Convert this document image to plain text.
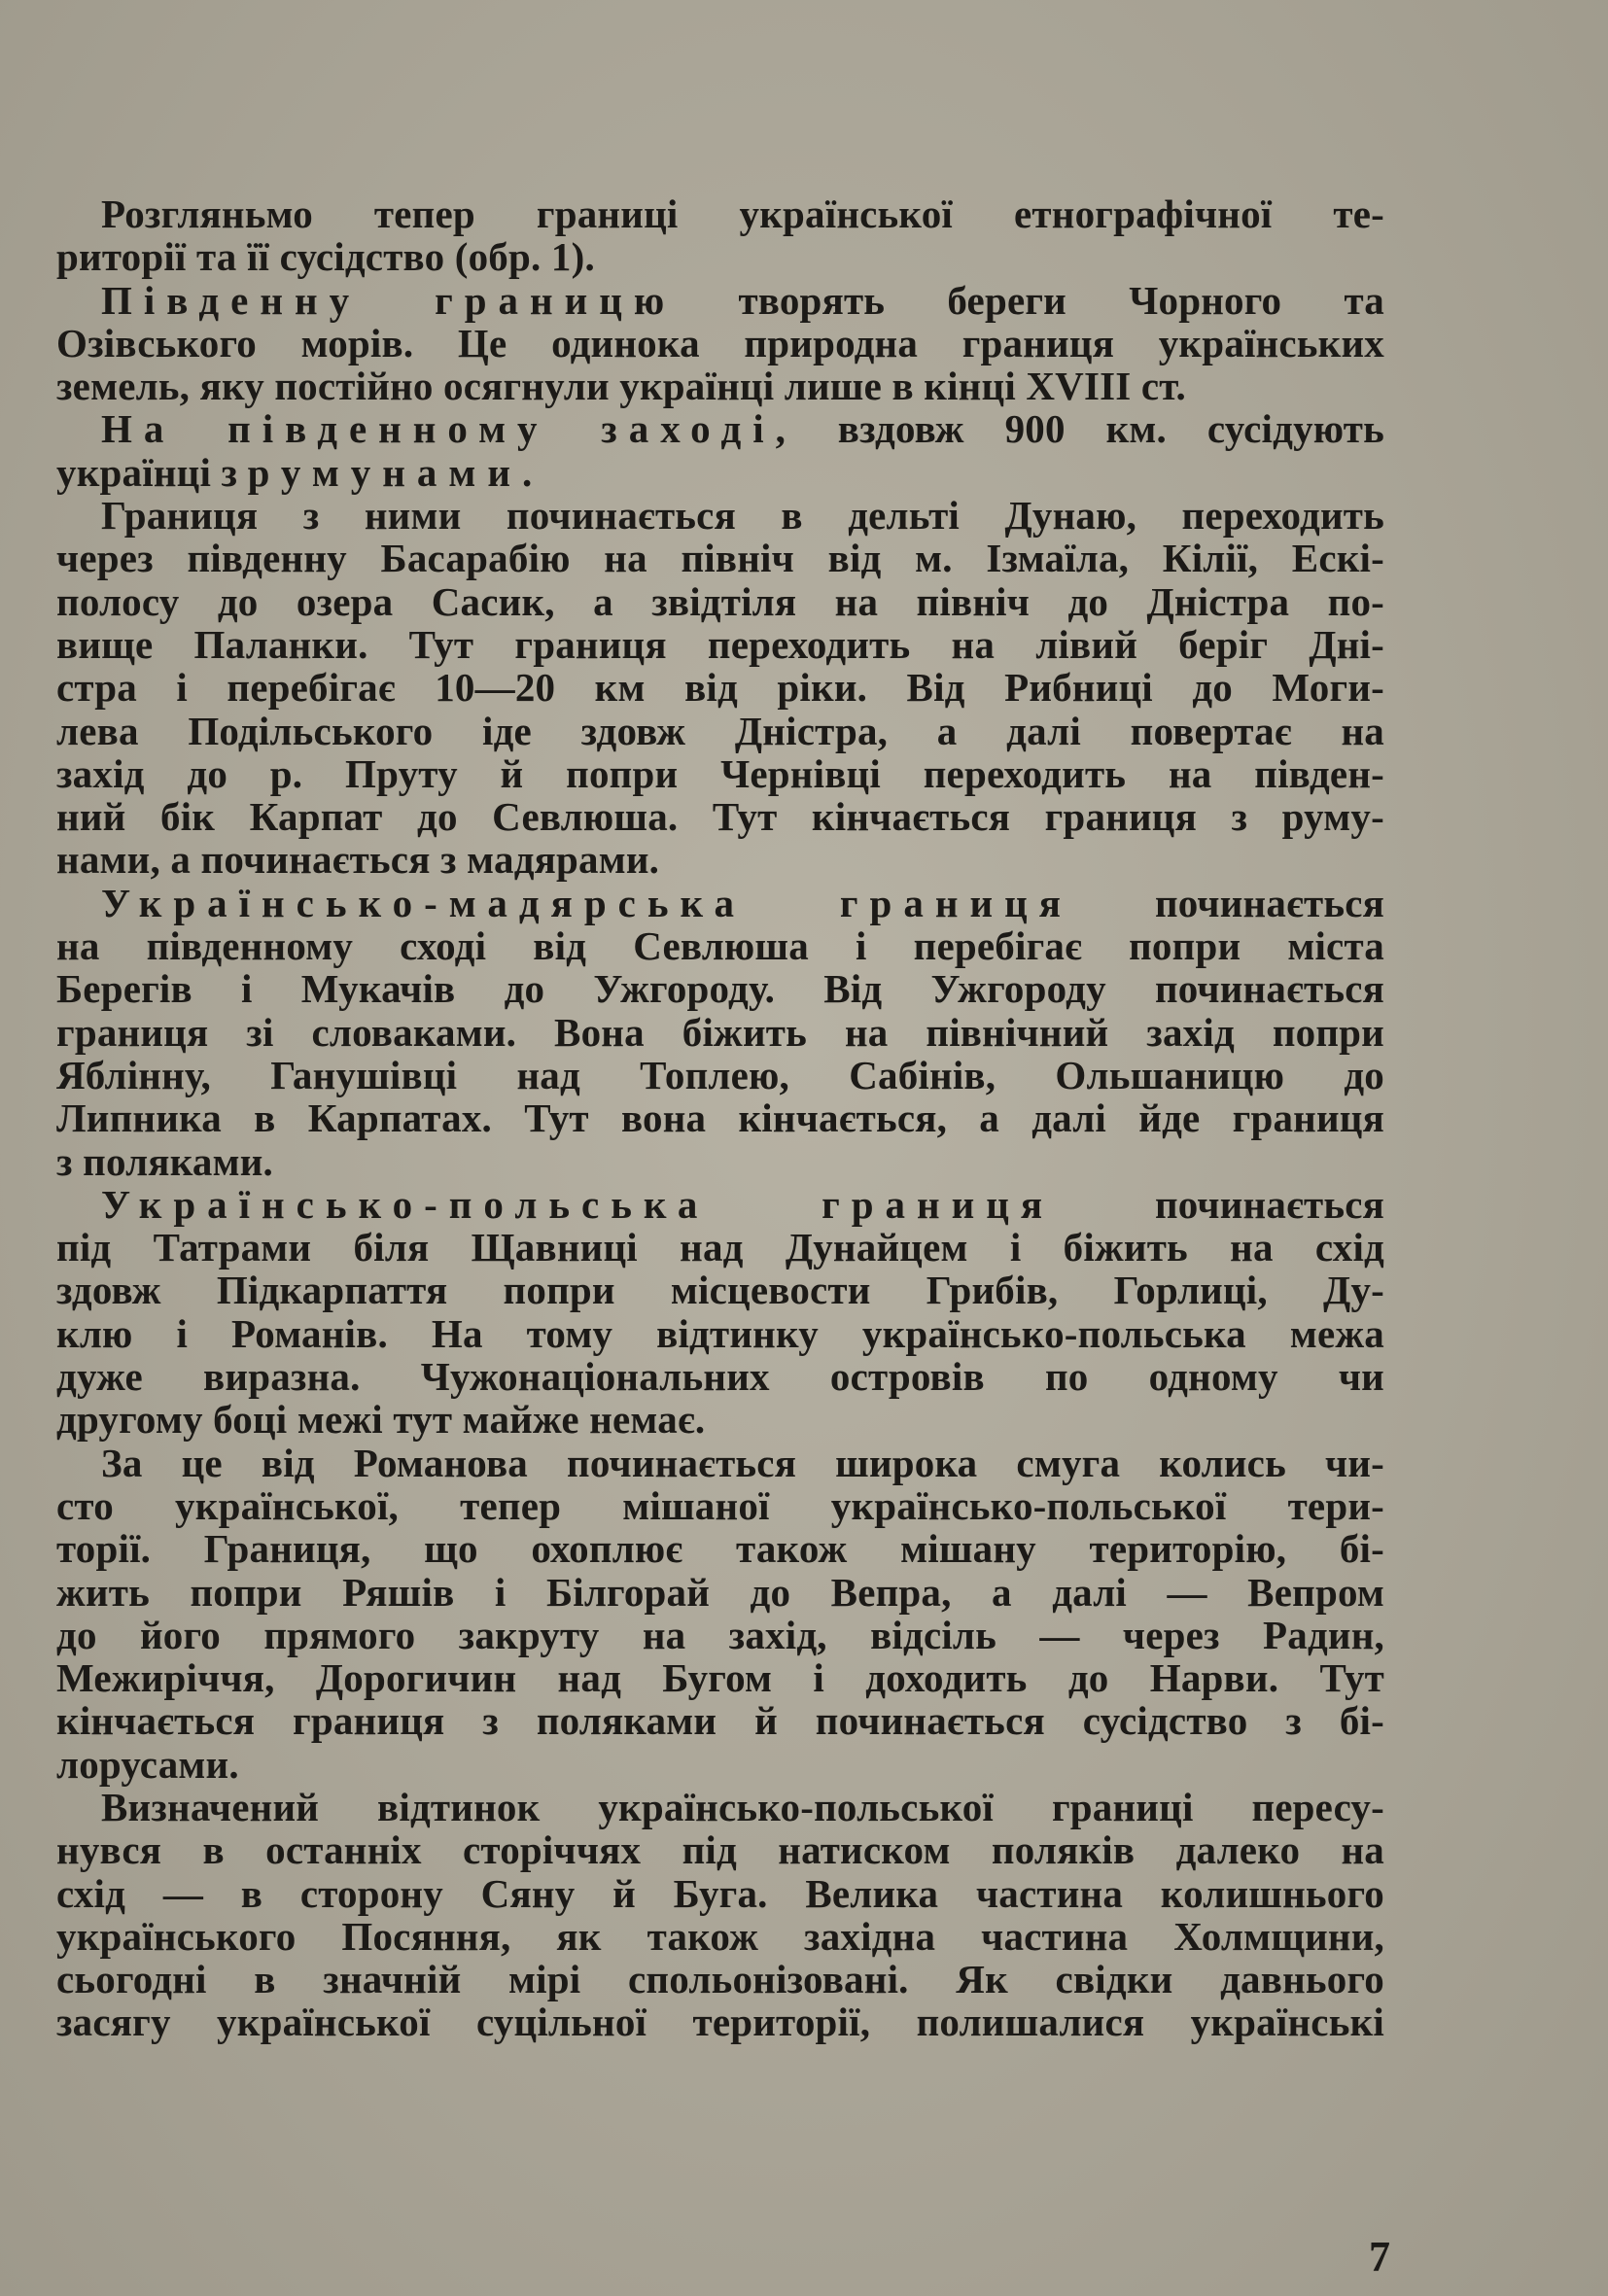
Розгляньмо тепер границі української етнографічної те-
риторії та її сусідство (обр. 1).

Південну границю творять береги Чорного та
Озівського морів. Це одинока природна границя українських
земель, яку постійно осягнули українці лише в кінці XVIII ст.

На південному заході, вздовж 900 км. сусідують
українці з румунами.

Границя з ними починається в дельті Дунаю, переходить
через південну Басарабію на північ від м. Ізмаїла, Кілії, Ескі-
полосу до озера Сасик, а звідтіля на північ до Дністра по-
вище Паланки. Тут границя переходить на лівий беріг Дні-
стра і перебігає 10—20 км від ріки. Від Рибниці до Моги-
лева Подільського іде здовж Дністра, а далі повертає на
захід до р. Пруту й попри Чернівці переходить на півден-
ний бік Карпат до Севлюша. Тут кінчається границя з руму-
нами, а починається з мадярами.

Українсько-мадярська границя починається
на південному сході від Севлюша і перебігає попри міста
Берегів і Мукачів до Ужгороду. Від Ужгороду починається
границя зі словаками. Вона біжить на північний захід попри
Яблінну, Ганушівці над Топлею, Сабінів, Ольшаницю до
Липника в Карпатах. Тут вона кінчається, а далі йде границя
з поляками.

Українсько-польська границя починається
під Татрами біля Щавниці над Дунайцем і біжить на схід
здовж Підкарпаття попри місцевости Грибів, Горлиці, Ду-
клю і Романів. На тому відтинку українсько-польська межа
дуже виразна. Чужонаціональних островів по одному чи
другому боці межі тут майже немає.

За це від Романова починається широка смуга колись чи-
сто української, тепер мішаної українсько-польської тери-
торії. Границя, що охоплює також мішану територію, бі-
жить попри Ряшів і Білгорай до Вепра, а далі — Вепром
до його прямого закруту на захід, відсіль — через Радин,
Межиріччя, Дорогичин над Бугом і доходить до Нарви. Тут
кінчається границя з поляками й починається сусідство з бі-
лорусами.

Визначений відтинок українсько-польської границі пересу-
нувся в останніх сторіччях під натиском поляків далеко на
схід — в сторону Сяну й Буга. Велика частина колишнього
українського Посяння, як також західна частина Холмщини,
сьогодні в значній мірі спольонізовані. Як свідки давнього
засягу української суцільної території, полишалися українські

7
